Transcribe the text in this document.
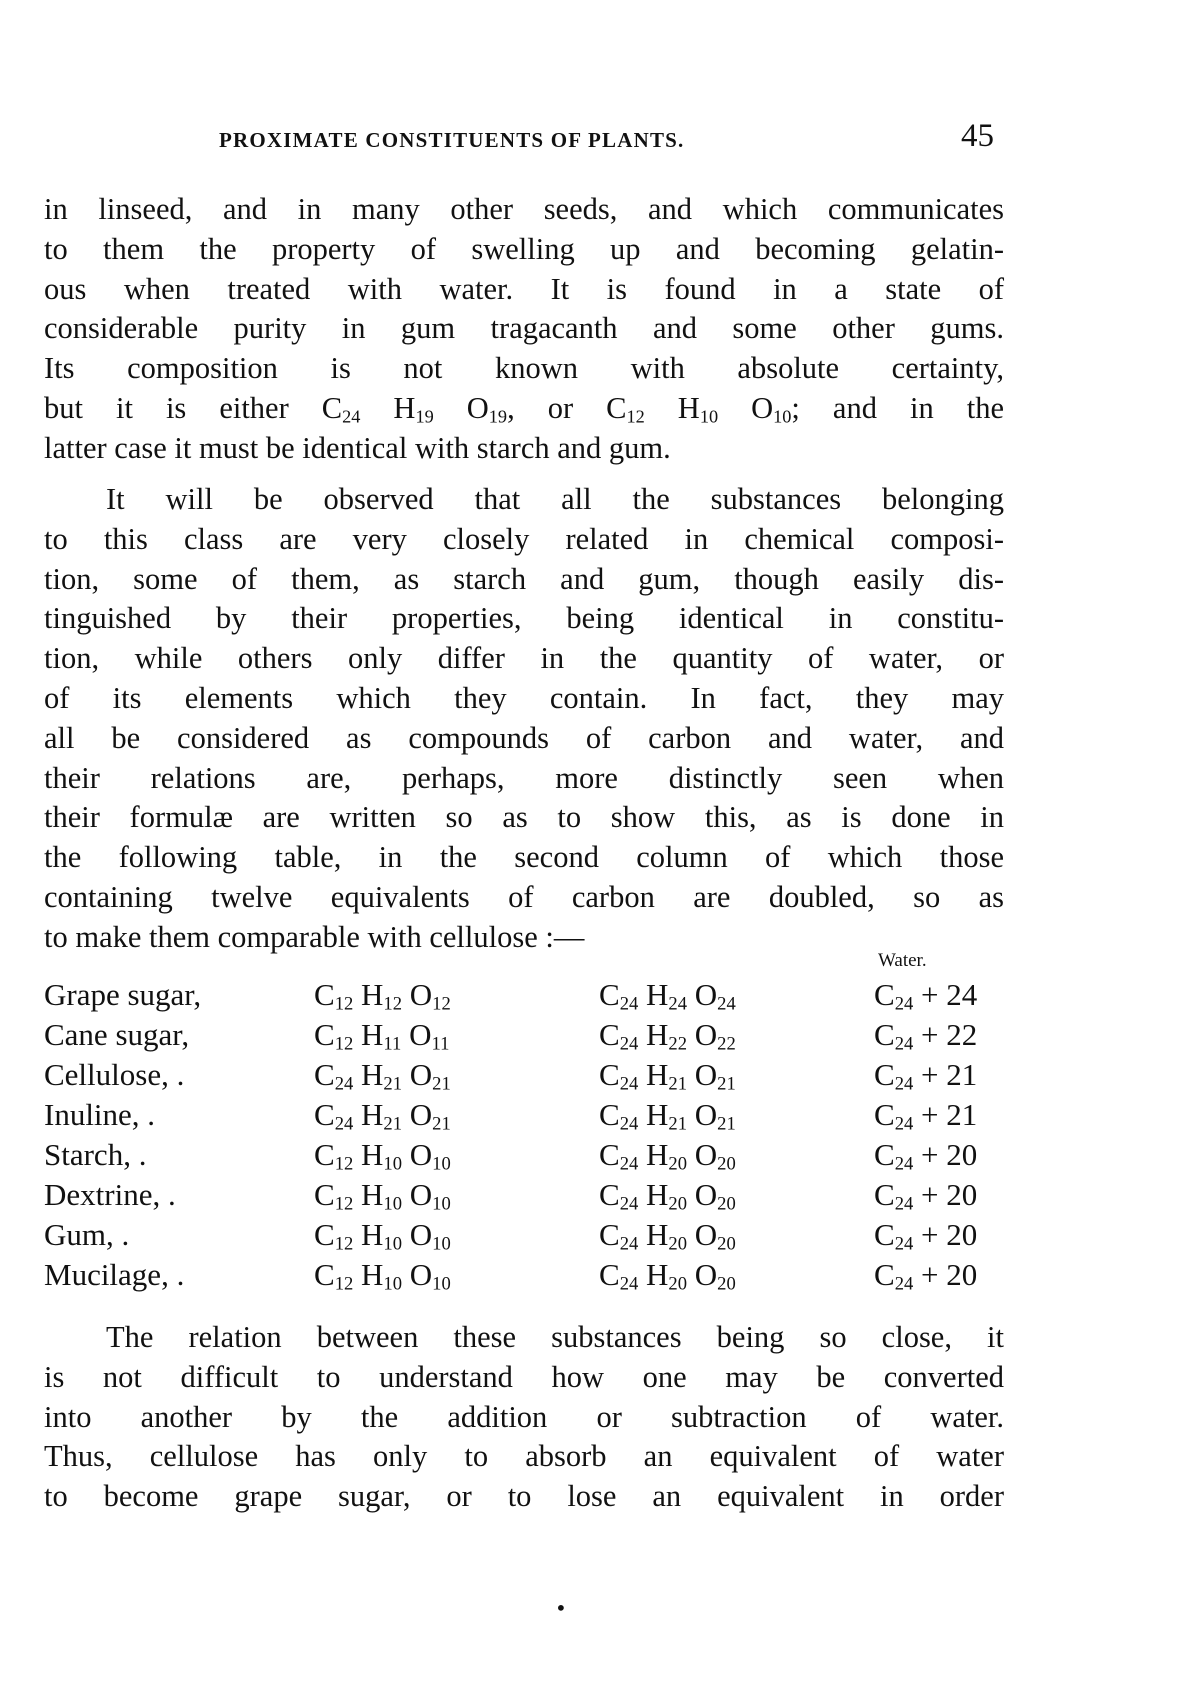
PROXIMATE CONSTITUENTS OF PLANTS.	45
in linseed, and in many other seeds, and which communicates
to them the property of swelling up and becoming gelatin-
ous when treated with water. It is found in a state of
considerable purity in gum tragacanth and some other gums.
Its composition is not known with absolute certainty,
but it is either $C_{24}$ $H_{19}$ $O_{19}$, or $C_{12}$ $H_{10}$ $O_{10}$; and in the
latter case it must be identical with starch and gum.
It will be observed that all the substances belonging
to this class are very closely related in chemical composi-
tion, some of them, as starch and gum, though easily dis-
tinguished by their properties, being identical in constitu-
tion, while others only differ in the quantity of water, or
of its elements which they contain. In fact, they may
all be considered as compounds of carbon and water, and
their relations are, perhaps, more distinctly seen when
their formulæ are written so as to show this, as is done in
the following table, in the second column of which those
containing twelve equivalents of carbon are doubled, so as
to make them comparable with cellulose :—
Water.
Grape sugar,	$C_{12}$ $H_{12}$ $O_{12}$	$C_{24}$ $H_{24}$ $O_{24}$	$C_{24} + 24$
Cane sugar,	$C_{12}$ $H_{11}$ $O_{11}$	$C_{24}$ $H_{22}$ $O_{22}$	$C_{24} + 22$
Cellulose, .	$C_{24}$ $H_{21}$ $O_{21}$	$C_{24}$ $H_{21}$ $O_{21}$	$C_{24} + 21$
Inuline, .	$C_{24}$ $H_{21}$ $O_{21}$	$C_{24}$ $H_{21}$ $O_{21}$	$C_{24} + 21$
Starch, .	$C_{12}$ $H_{10}$ $O_{10}$	$C_{24}$ $H_{20}$ $O_{20}$	$C_{24} + 20$
Dextrine, .	$C_{12}$ $H_{10}$ $O_{10}$	$C_{24}$ $H_{20}$ $O_{20}$	$C_{24} + 20$
Gum, .	$C_{12}$ $H_{10}$ $O_{10}$	$C_{24}$ $H_{20}$ $O_{20}$	$C_{24} + 20$
Mucilage, .	$C_{12}$ $H_{10}$ $O_{10}$	$C_{24}$ $H_{20}$ $O_{20}$	$C_{24} + 20$
The relation between these substances being so close, it
is not difficult to understand how one may be converted
into another by the addition or subtraction of water.
Thus, cellulose has only to absorb an equivalent of water
to become grape sugar, or to lose an equivalent in order
•
